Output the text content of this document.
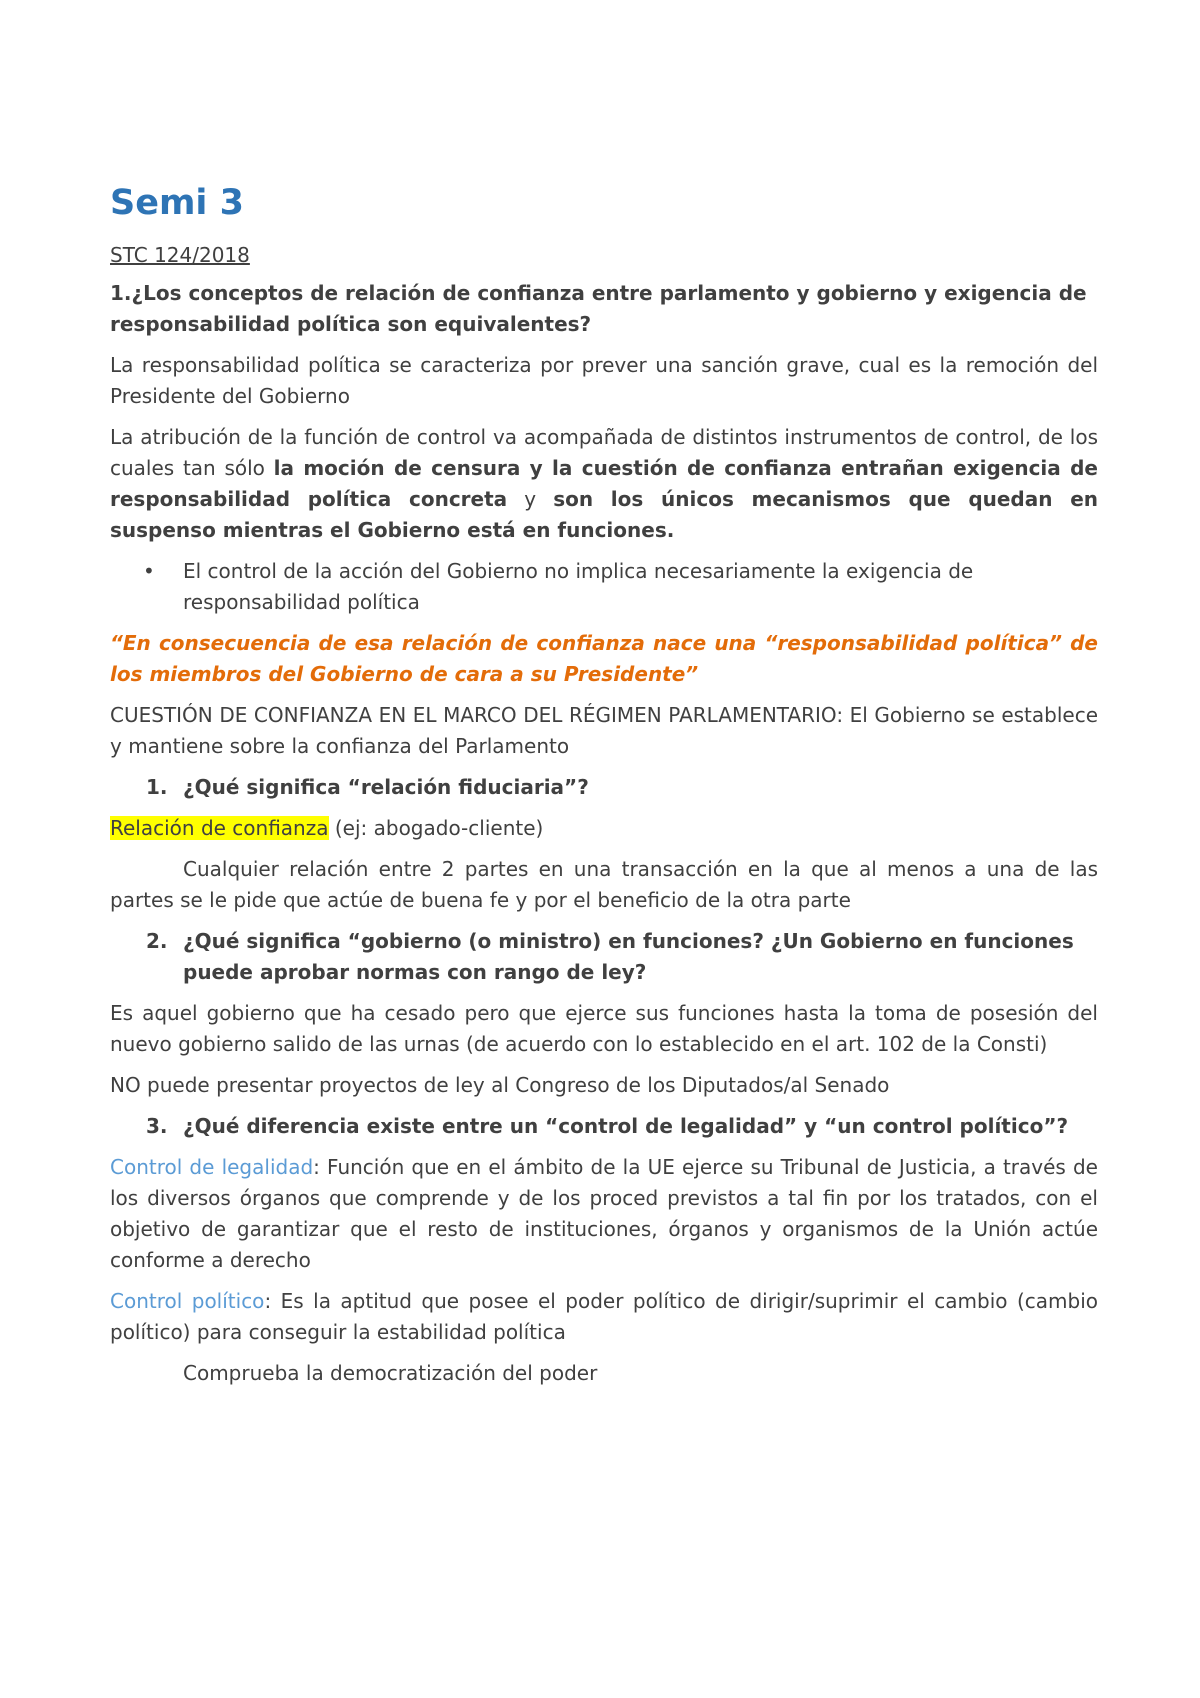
Semi 3
STC 124/2018
1.¿Los conceptos de relación de confianza entre parlamento y gobierno y exigencia de responsabilidad política son equivalentes?
La responsabilidad política se caracteriza por prever una sanción grave, cual es la remoción del Presidente del Gobierno
La atribución de la función de control va acompañada de distintos instrumentos de control, de los cuales tan sólo la moción de censura y la cuestión de confianza entrañan exigencia de responsabilidad política concreta y son los únicos mecanismos que quedan en suspenso mientras el Gobierno está en funciones.
• El control de la acción del Gobierno no implica necesariamente la exigencia de responsabilidad política
“En consecuencia de esa relación de confianza nace una “responsabilidad política” de los miembros del Gobierno de cara a su Presidente”
CUESTIÓN DE CONFIANZA EN EL MARCO DEL RÉGIMEN PARLAMENTARIO: El Gobierno se establece y mantiene sobre la confianza del Parlamento
1. ¿Qué significa “relación fiduciaria”?
Relación de confianza (ej: abogado-cliente)
Cualquier relación entre 2 partes en una transacción en la que al menos a una de las partes se le pide que actúe de buena fe y por el beneficio de la otra parte
2. ¿Qué significa “gobierno (o ministro) en funciones? ¿Un Gobierno en funciones puede aprobar normas con rango de ley?
Es aquel gobierno que ha cesado pero que ejerce sus funciones hasta la toma de posesión del nuevo gobierno salido de las urnas (de acuerdo con lo establecido en el art. 102 de la Consti)
NO puede presentar proyectos de ley al Congreso de los Diputados/al Senado
3. ¿Qué diferencia existe entre un “control de legalidad” y “un control político”?
Control de legalidad: Función que en el ámbito de la UE ejerce su Tribunal de Justicia, a través de los diversos órganos que comprende y de los proced previstos a tal fin por los tratados, con el objetivo de garantizar que el resto de instituciones, órganos y organismos de la Unión actúe conforme a derecho
Control político: Es la aptitud que posee el poder político de dirigir/suprimir el cambio (cambio político) para conseguir la estabilidad política
Comprueba la democratización del poder
